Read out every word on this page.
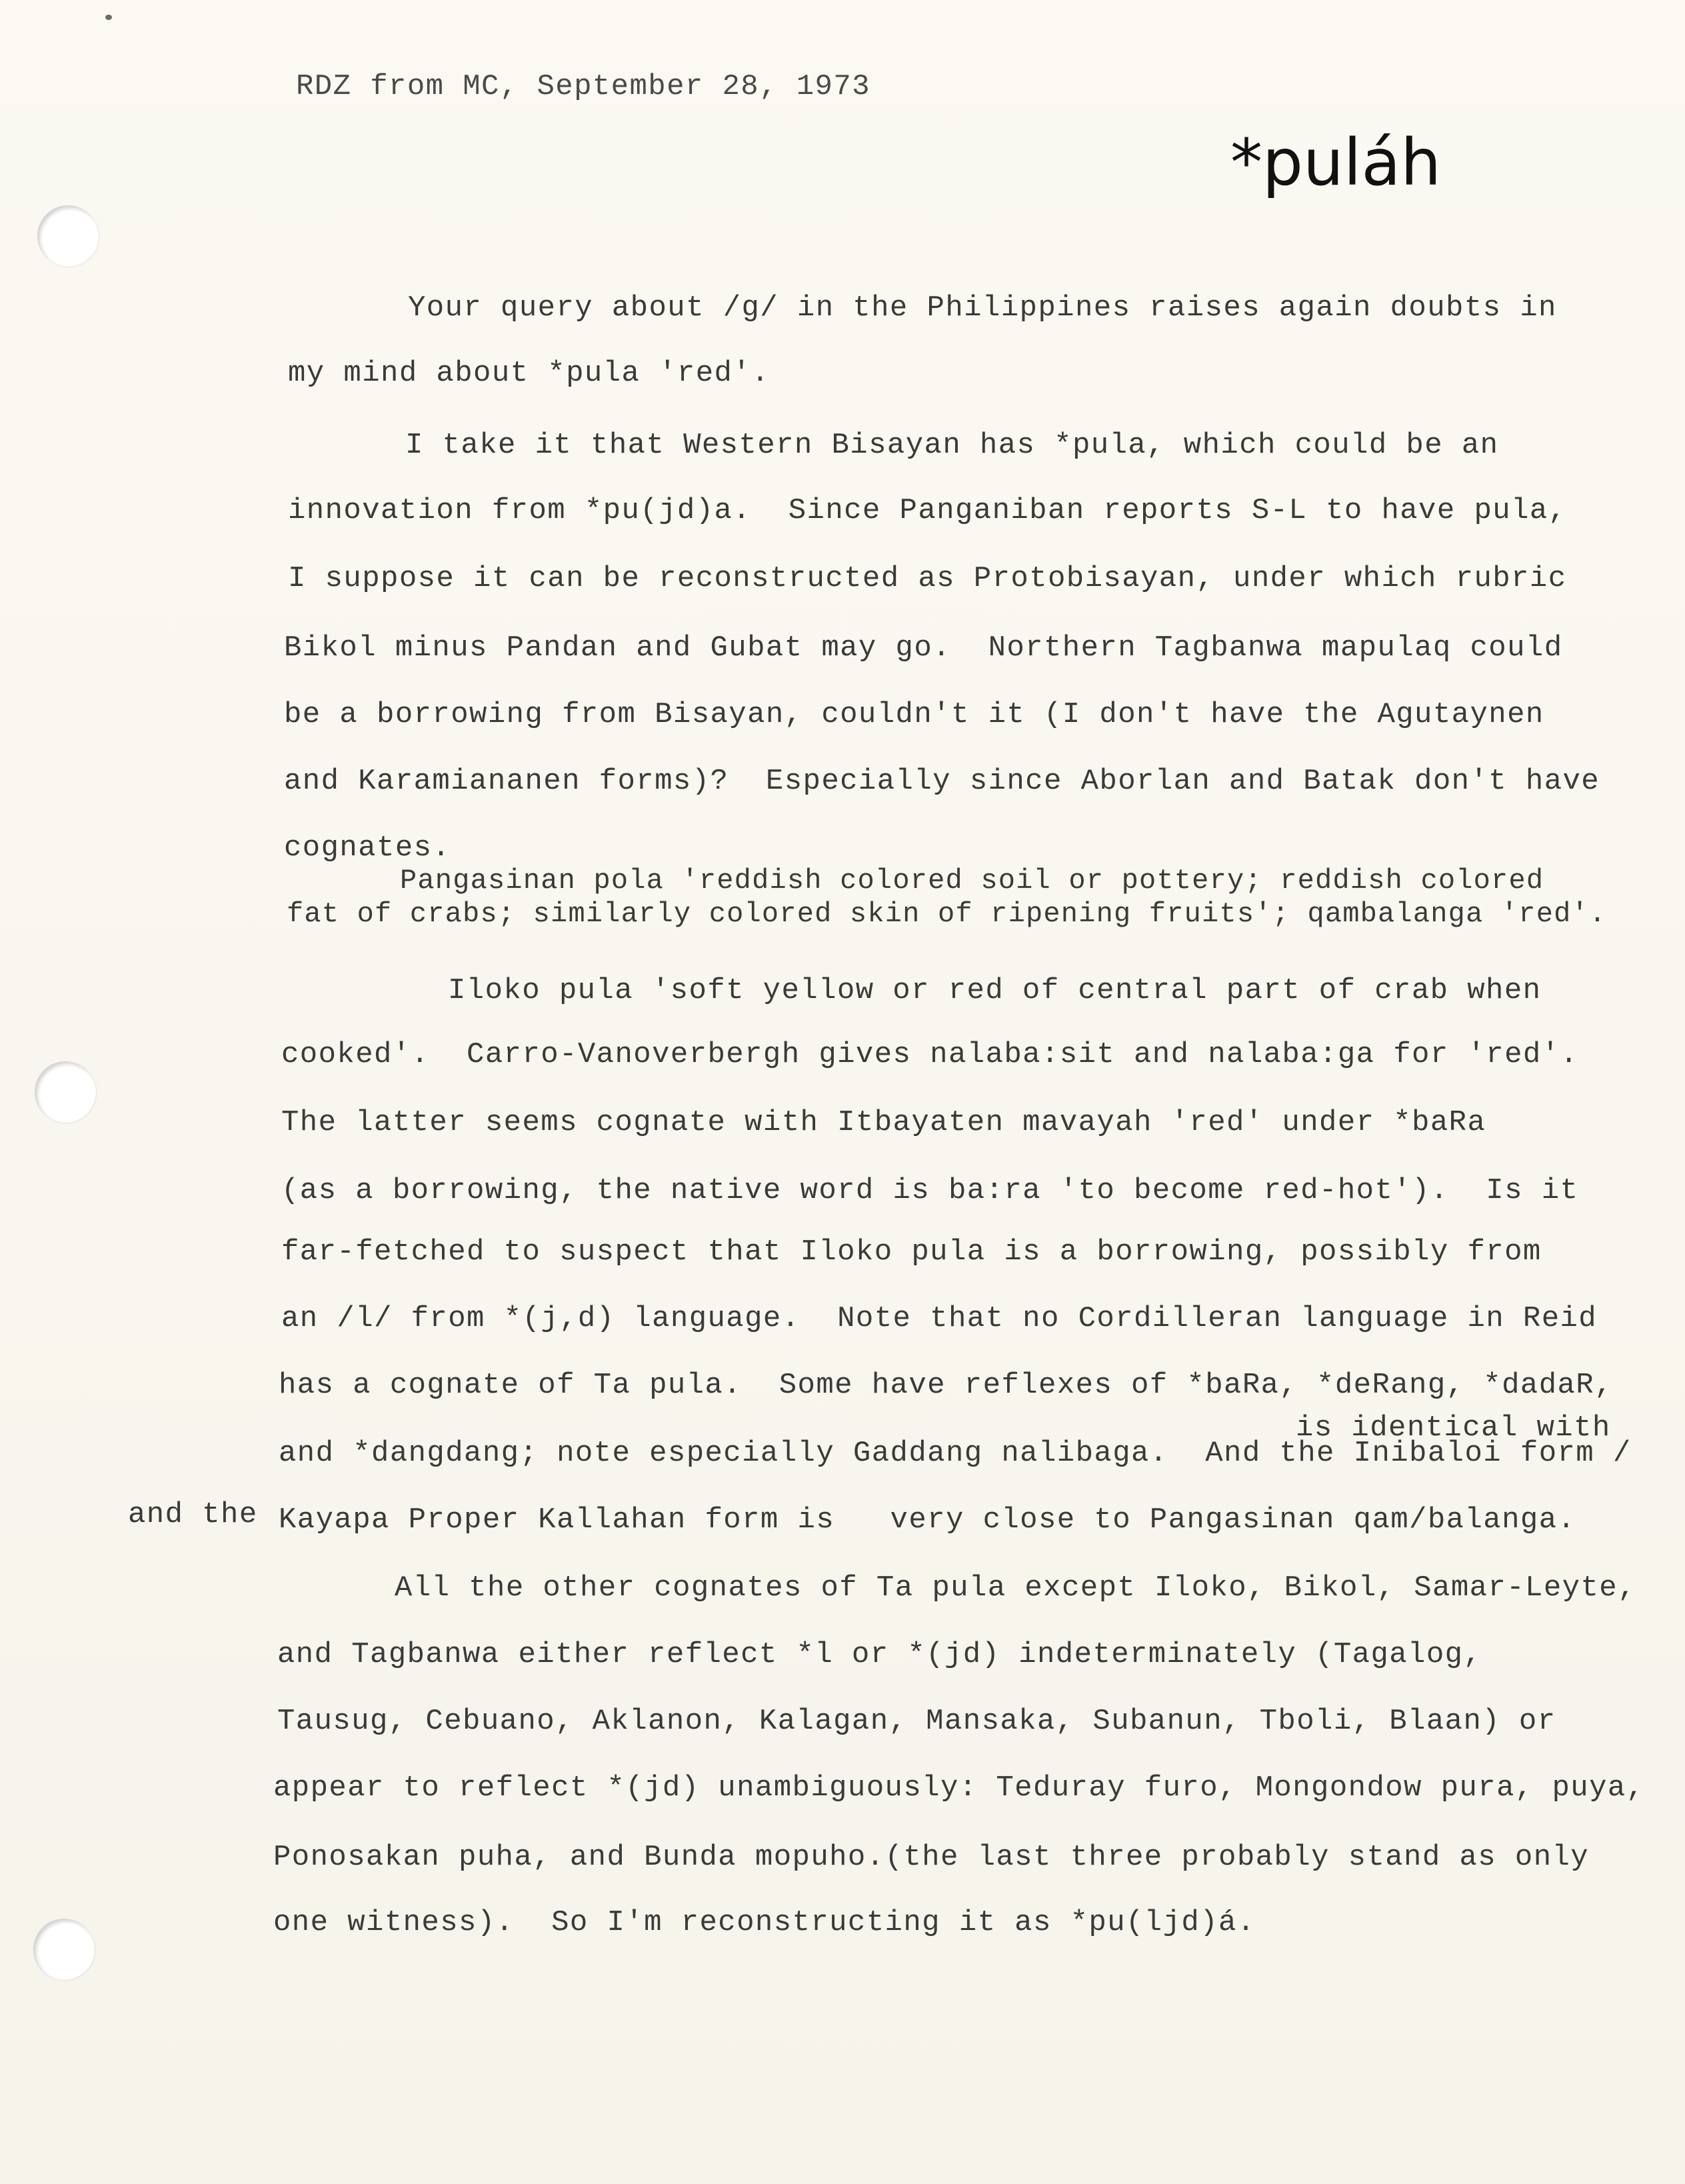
RDZ from MC, September 28, 1973
*puláh
Your query about /g/ in the Philippines raises again doubts in
my mind about *pula 'red'.
I take it that Western Bisayan has *pula, which could be an
innovation from *pu(jd)a.  Since Panganiban reports S-L to have pula,
I suppose it can be reconstructed as Protobisayan, under which rubric
Bikol minus Pandan and Gubat may go.  Northern Tagbanwa mapulaq could
be a borrowing from Bisayan, couldn't it (I don't have the Agutaynen
and Karamiananen forms)?  Especially since Aborlan and Batak don't have
cognates.
Pangasinan pola 'reddish colored soil or pottery; reddish colored
fat of crabs; similarly colored skin of ripening fruits'; qambalanga 'red'.
Iloko pula 'soft yellow or red of central part of crab when
cooked'.  Carro-Vanoverbergh gives nalaba:sit and nalaba:ga for 'red'.
The latter seems cognate with Itbayaten mavayah 'red' under *baRa
(as a borrowing, the native word is ba:ra 'to become red-hot').  Is it
far-fetched to suspect that Iloko pula is a borrowing, possibly from
an /l/ from *(j,d) language.  Note that no Cordilleran language in Reid
has a cognate of Ta pula.  Some have reflexes of *baRa, *deRang, *dadaR,
is identical with
and *dangdang; note especially Gaddang nalibaga.  And the Inibaloi form /
and the Kayapa Proper Kallahan form is   very close to Pangasinan qam/balanga.
All the other cognates of Ta pula except Iloko, Bikol, Samar-Leyte,
and Tagbanwa either reflect *l or *(jd) indeterminately (Tagalog,
Tausug, Cebuano, Aklanon, Kalagan, Mansaka, Subanun, Tboli, Blaan) or
appear to reflect *(jd) unambiguously: Teduray furo, Mongondow pura, puya,
Ponosakan puha, and Bunda mopuho.(the last three probably stand as only
one witness).  So I'm reconstructing it as *pu(ljd)á.
